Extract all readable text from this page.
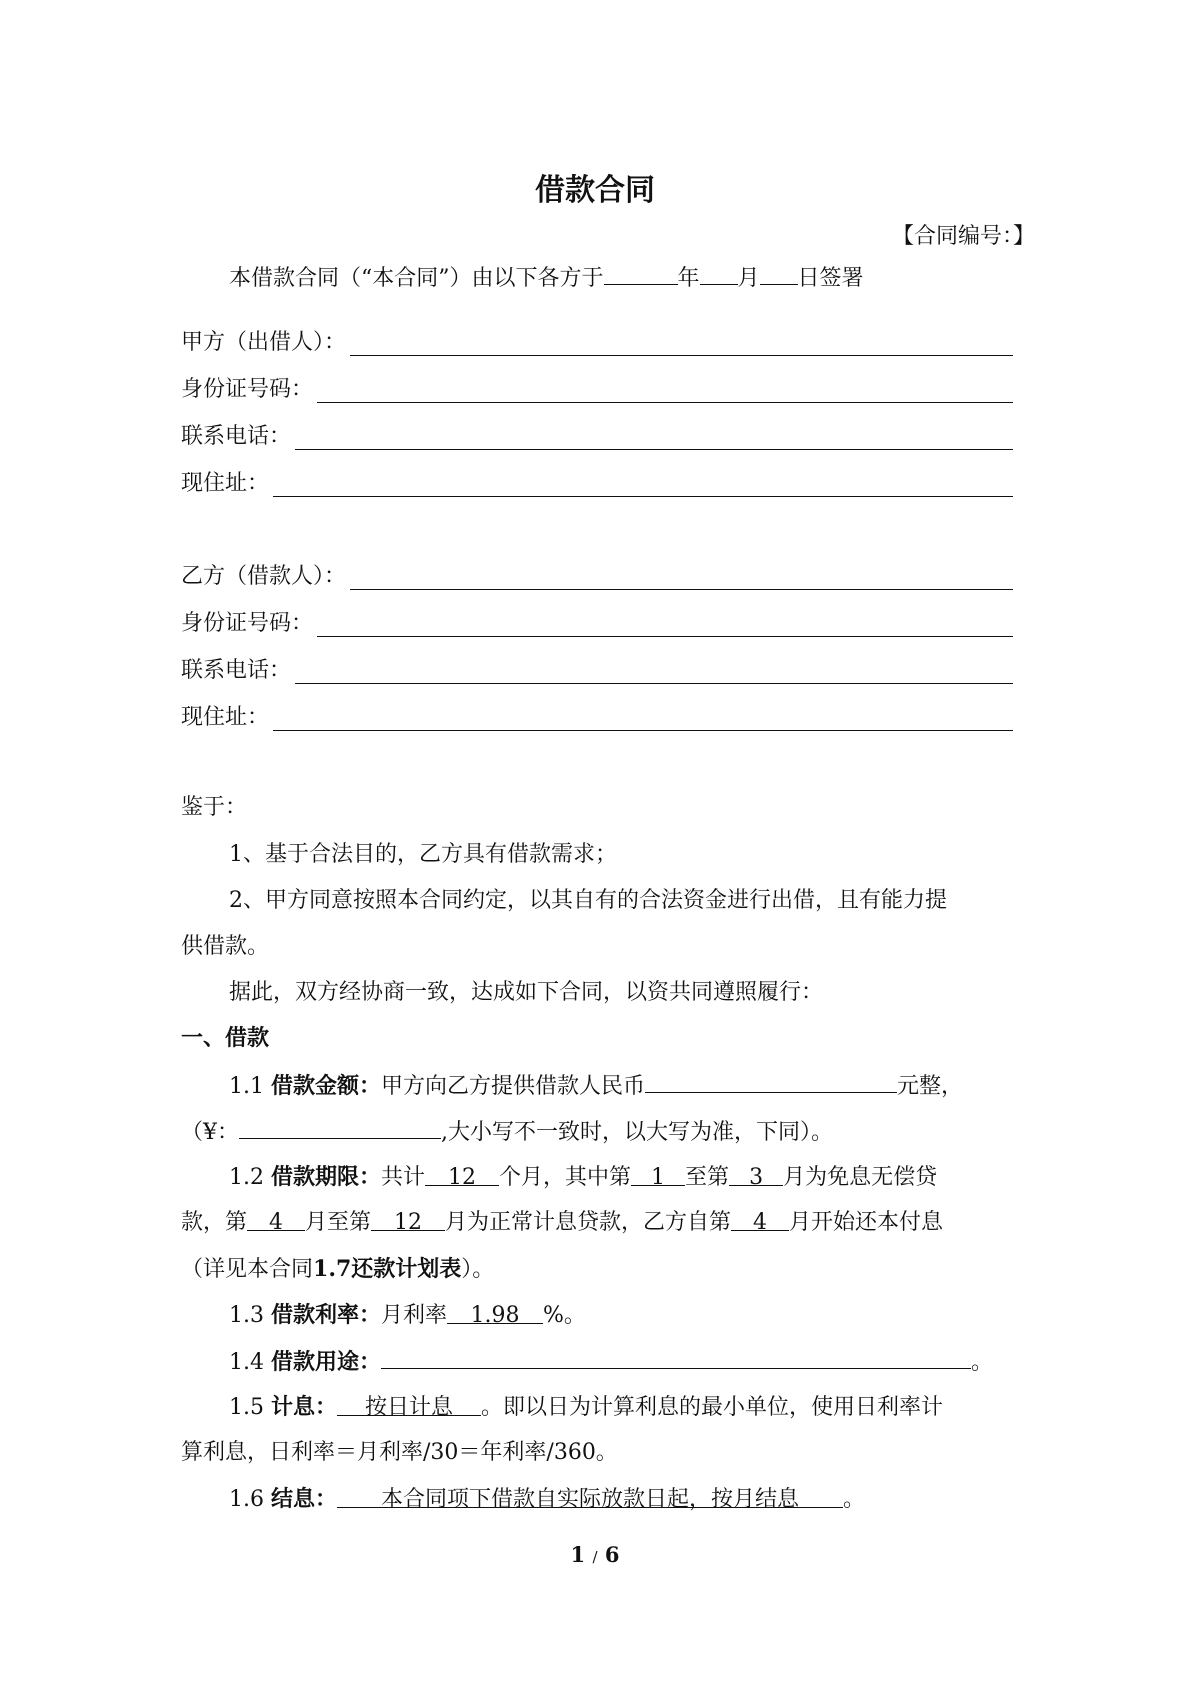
借款合同
【合同编号：】
本借款合同（“本合同”）由以下各方于	年 月 日签署
甲方（出借人）：
身份证号码：
联系电话：
现住址：
乙方（借款人）：
身份证号码：
联系电话：
现住址：
鉴于：
1、基于合法目的，乙方具有借款需求；
2、甲方同意按照本合同约定，以其自有的合法资金进行出借，且有能力提
供借款。
据此，双方经协商一致，达成如下合同，以资共同遵照履行：
一、借款
1.1 借款金额：甲方向乙方提供借款人民币	元整，
（¥：	,大小写不一致时，以大写为准，下同）。
1.2 借款期限：共计 12 个月，其中第 1 至第 3 月为免息无偿贷
款，第 4 月至第 12 月为正常计息贷款，乙方自第 4 月开始还本付息
（详见本合同1.7还款计划表）。
1.3 借款利率：月利率 1.98 %。
1.4 借款用途：	。
1.5 计息： 按日计息 。即以日为计算利息的最小单位，使用日利率计
算利息，日利率＝月利率/30＝年利率/360。
1.6 结息： 本合同项下借款自实际放款日起，按月结息 。
1 / 6
